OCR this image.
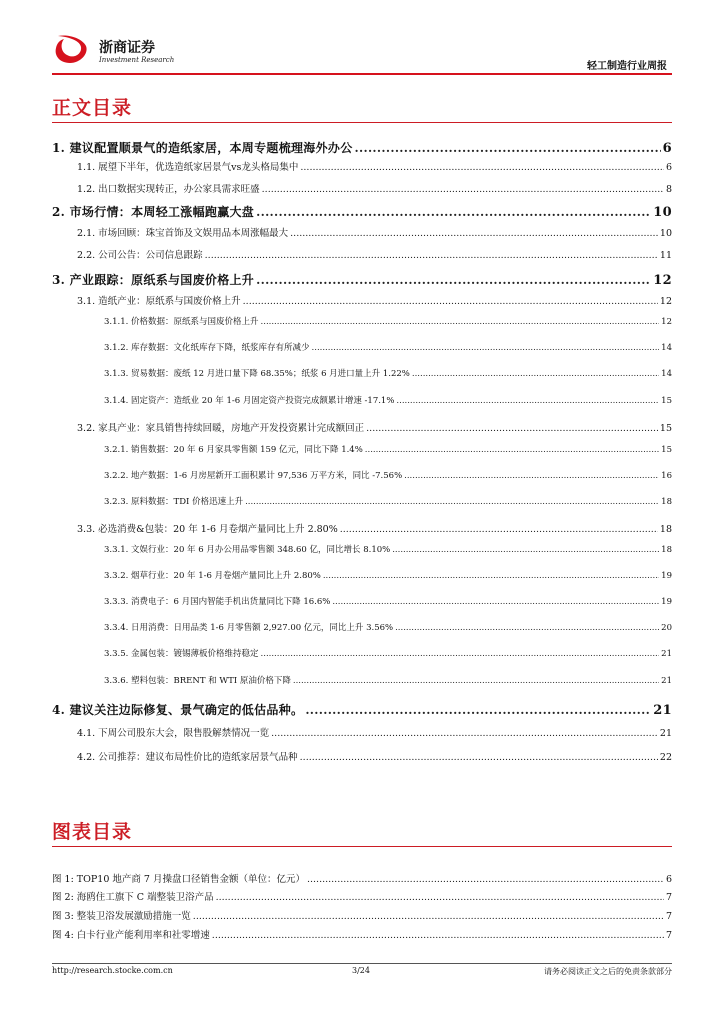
浙商证券
Investment Research
轻工制造行业周报
正文目录
1. 建议配置顺景气的造纸家居，本周专题梳理海外办公 .....	6
1.1. 展望下半年，优选造纸家居景气vs龙头格局集中 .....	6
1.2. 出口数据实现转正，办公家具需求旺盛 .....	8
2. 市场行情：本周轻工涨幅跑赢大盘 .....	10
2.1. 市场回顾：珠宝首饰及文娱用品本周涨幅最大 .....	10
2.2. 公司公告：公司信息跟踪 .....	11
3. 产业跟踪：原纸系与国废价格上升 .....	12
3.1. 造纸产业：原纸系与国废价格上升 .....	12
3.1.1. 价格数据：原纸系与国废价格上升 .....	12
3.1.2. 库存数据：文化纸库存下降，纸浆库存有所减少 .....	14
3.1.3. 贸易数据：废纸 12 月进口量下降 68.35%；纸浆 6 月进口量上升 1.22% .....	14
3.1.4. 固定资产：造纸业 20 年 1-6 月固定资产投资完成额累计增速 -17.1% .....	15
3.2. 家具产业：家具销售持续回暖，房地产开发投资累计完成额回正 .....	15
3.2.1. 销售数据：20 年 6 月家具零售额 159 亿元，同比下降 1.4% .....	15
3.2.2. 地产数据：1-6 月房屋新开工面积累计 97,536 万平方米，同比 -7.56% .....	16
3.2.3. 原料数据：TDI 价格迅速上升 .....	18
3.3. 必选消费&包装：20 年 1-6 月卷烟产量同比上升 2.80% .....	18
3.3.1. 文娱行业：20 年 6 月办公用品零售额 348.60 亿，同比增长 8.10% .....	18
3.3.2. 烟草行业：20 年 1-6 月卷烟产量同比上升 2.80% .....	19
3.3.3. 消费电子：6 月国内智能手机出货量同比下降 16.6% .....	19
3.3.4. 日用消费：日用品类 1-6 月零售额 2,927.00 亿元，同比上升 3.56% .....	20
3.3.5. 金属包装：镀锡薄板价格维持稳定 .....	21
3.3.6. 塑料包装：BRENT 和 WTI 原油价格下降 .....	21
4. 建议关注边际修复、景气确定的低估品种。 .....	21
4.1. 下周公司股东大会，限售股解禁情况一览 .....	21
4.2. 公司推荐：建议布局性价比的造纸家居景气品种 .....	22
图表目录
图 1: TOP10 地产商 7 月操盘口径销售金额（单位：亿元） .....	6
图 2: 海鸥住工旗下 C 端整装卫浴产品 .....	7
图 3: 整装卫浴发展激励措施一览 .....	7
图 4: 白卡行业产能利用率和社零增速 .....	7
http://research.stocke.com.cn	3/24	请务必阅读正文之后的免责条款部分
